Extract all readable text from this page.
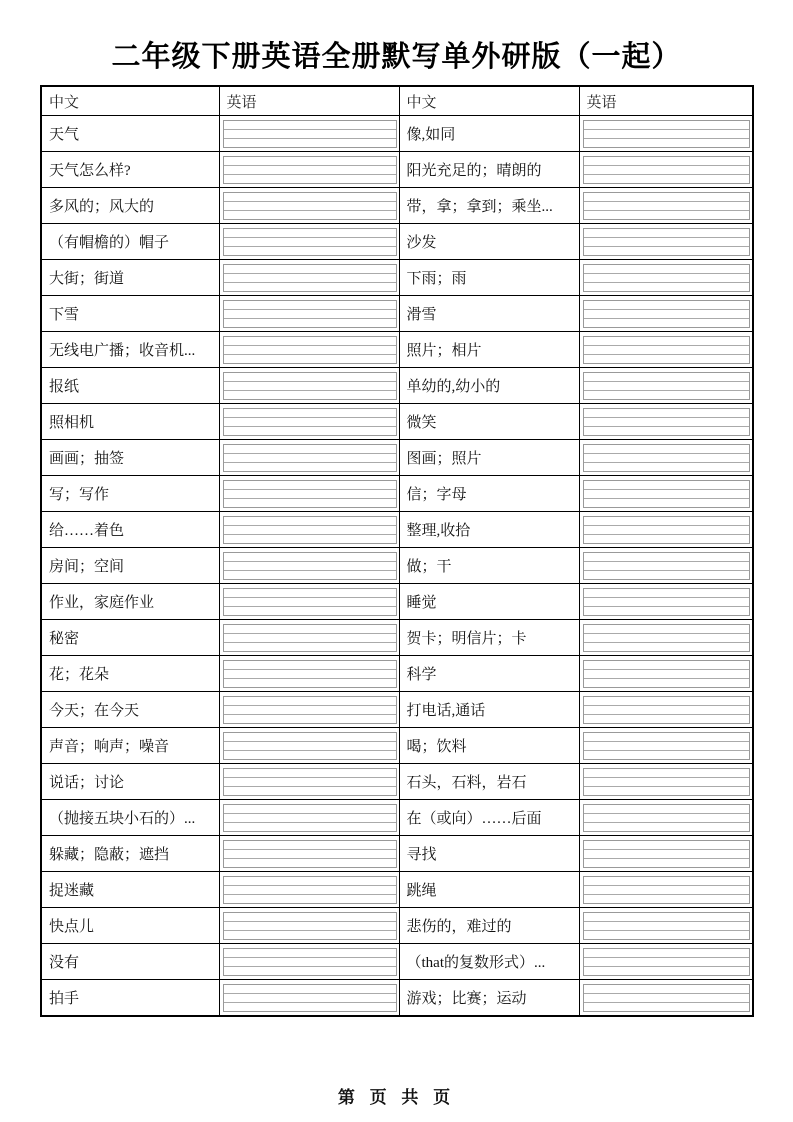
二年级下册英语全册默写单外研版（一起）
中文	英语	中文	英语
天气		像,如同	

天气怎么样?		阳光充足的；晴朗的	

多风的；风大的		带，拿；拿到；乘坐...	

（有帽檐的）帽子		沙发	

大街；街道		下雨；雨	

下雪		滑雪	

无线电广播；收音机...		照片；相片	

报纸		单幼的,幼小的	

照相机		微笑	

画画；抽签		图画；照片	

写；写作		信；字母	

给……着色		整理,收拾	

房间；空间		做；干	

作业，家庭作业		睡觉	

秘密		贺卡；明信片；卡	

花；花朵		科学	

今天；在今天		打电话,通话	

声音；响声；噪音		喝；饮料	

说话；讨论		石头，石料，岩石	

（抛接五块小石的）...		在（或向）……后面	

躲藏；隐蔽；遮挡		寻找	

捉迷藏		跳绳	

快点儿		悲伤的，难过的	

没有		（that的复数形式）...	

拍手		游戏；比赛；运动	
第 页 共 页
